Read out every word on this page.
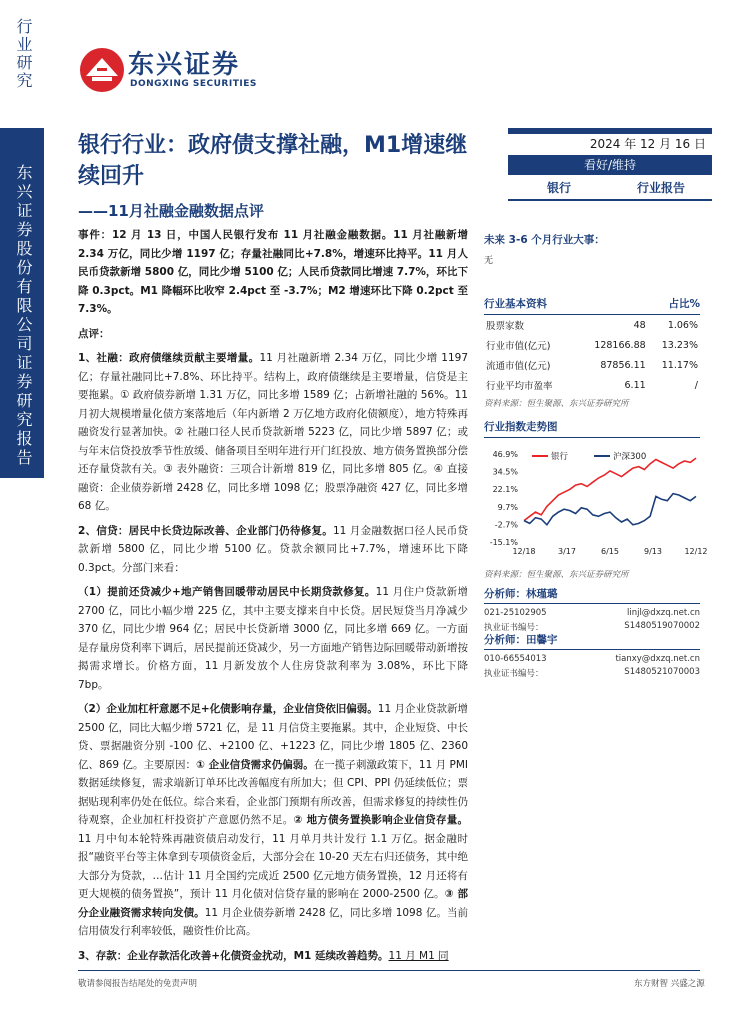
行业研究
东兴证券股份有限公司证券研究报告
东兴证券
DONGXING SECURITIES
银行行业：政府债支撑社融，M1增速继续回升
——11月社融金融数据点评
2024 年 12 月 16 日
看好/维持
银行	行业报告

事件：12 月 13 日，中国人民银行发布 11 月社融金融数据。11 月社融新增 2.34 万亿，同比少增 1197 亿；存量社融同比+7.8%，增速环比持平。11 月人民币贷款新增 5800 亿，同比少增 5100 亿；人民币贷款同比增速 7.7%，环比下降 0.3pct。M1 降幅环比收窄 2.4pct 至 -3.7%；M2 增速环比下降 0.2pct 至 7.3%。

点评：

1、社融：政府债继续贡献主要增量。11 月社融新增 2.34 万亿，同比少增 1197 亿；存量社融同比+7.8%、环比持平。结构上，政府债继续是主要增量，信贷是主要拖累。① 政府债券新增 1.31 万亿，同比多增 1589 亿；占新增社融的 56%。11 月初大规模增量化债方案落地后（年内新增 2 万亿地方政府化债额度），地方特殊再融资发行显著加快。② 社融口径人民币贷款新增 5223 亿，同比少增 5897 亿；或与年末信贷投放季节性放缓、储备项目至明年进行开门红投放、地方债务置换部分偿还存量贷款有关。③ 表外融资：三项合计新增 819 亿，同比多增 805 亿。④ 直接融资：企业债券新增 2428 亿，同比多增 1098 亿；股票净融资 427 亿，同比多增 68 亿。

2、信贷：居民中长贷边际改善、企业部门仍待修复。11 月金融数据口径人民币贷款新增 5800 亿，同比少增 5100 亿。贷款余额同比+7.7%，增速环比下降 0.3pct。分部门来看：

（1）提前还贷减少+地产销售回暖带动居民中长期贷款修复。11 月住户贷款新增 2700 亿，同比小幅少增 225 亿，其中主要支撑来自中长贷。居民短贷当月净减少 370 亿，同比少增 964 亿；居民中长贷新增 3000 亿，同比多增 669 亿。一方面是存量房贷利率下调后，居民提前还贷减少，另一方面地产销售边际回暖带动新增按揭需求增长。价格方面，11 月新发放个人住房贷款利率为 3.08%，环比下降 7bp。

（2）企业加杠杆意愿不足+化债影响存量，企业信贷依旧偏弱。11 月企业贷款新增 2500 亿，同比大幅少增 5721 亿，是 11 月信贷主要拖累。其中，企业短贷、中长贷、票据融资分别 -100 亿、+2100 亿、+1223 亿，同比少增 1805 亿、2360 亿、869 亿。主要原因：① 企业信贷需求仍偏弱。在一揽子刺激政策下，11 月 PMI 数据延续修复，需求端新订单环比改善幅度有所加大；但 CPI、PPI 仍延续低位；票据贴现利率仍处在低位。综合来看，企业部门预期有所改善，但需求修复的持续性仍待观察，企业加杠杆投资扩产意愿仍然不足。② 地方债务置换影响企业信贷存量。11 月中旬本轮特殊再融资债启动发行，11 月单月共计发行 1.1 万亿。据金融时报“融资平台等主体拿到专项债资金后，大部分会在 10-20 天左右归还债务，其中绝大部分为贷款，…估计 11 月全国约完成近 2500 亿元地方债务置换，12 月还将有更大规模的债务置换”，预计 11 月化债对信贷存量的影响在 2000-2500 亿。③ 部分企业融资需求转向发债。11 月企业债券新增 2428 亿，同比多增 1098 亿。当前信用债发行利率较低，融资性价比高。

3、存款：企业存款活化改善+化债资金扰动，M1 延续改善趋势。11 月 M1 同

未来 3-6 个月行业大事：
无
行业基本资料	占比%
股票家数	48	1.06%
行业市值(亿元)	128166.88	13.23%
流通市值(亿元)	87856.11	11.17%
行业平均市盈率	6.11	/
资料来源：恒生聚源、东兴证券研究所
行业指数走势图
46.9%
34.5%
22.1%
9.7%
-2.7%
-15.1%
12/18	3/17	6/15	9/13	12/12
银行	沪深300
资料来源：恒生聚源、东兴证券研究所
分析师：林瑾璐
021-25102905	linjl@dxzq.net.cn
执业证书编号：	S1480519070002
分析师：田馨宇
010-66554013	tianxy@dxzq.net.cn
执业证书编号：	S1480521070003
敬请参阅报告结尾处的免责声明	东方财智 兴盛之源
